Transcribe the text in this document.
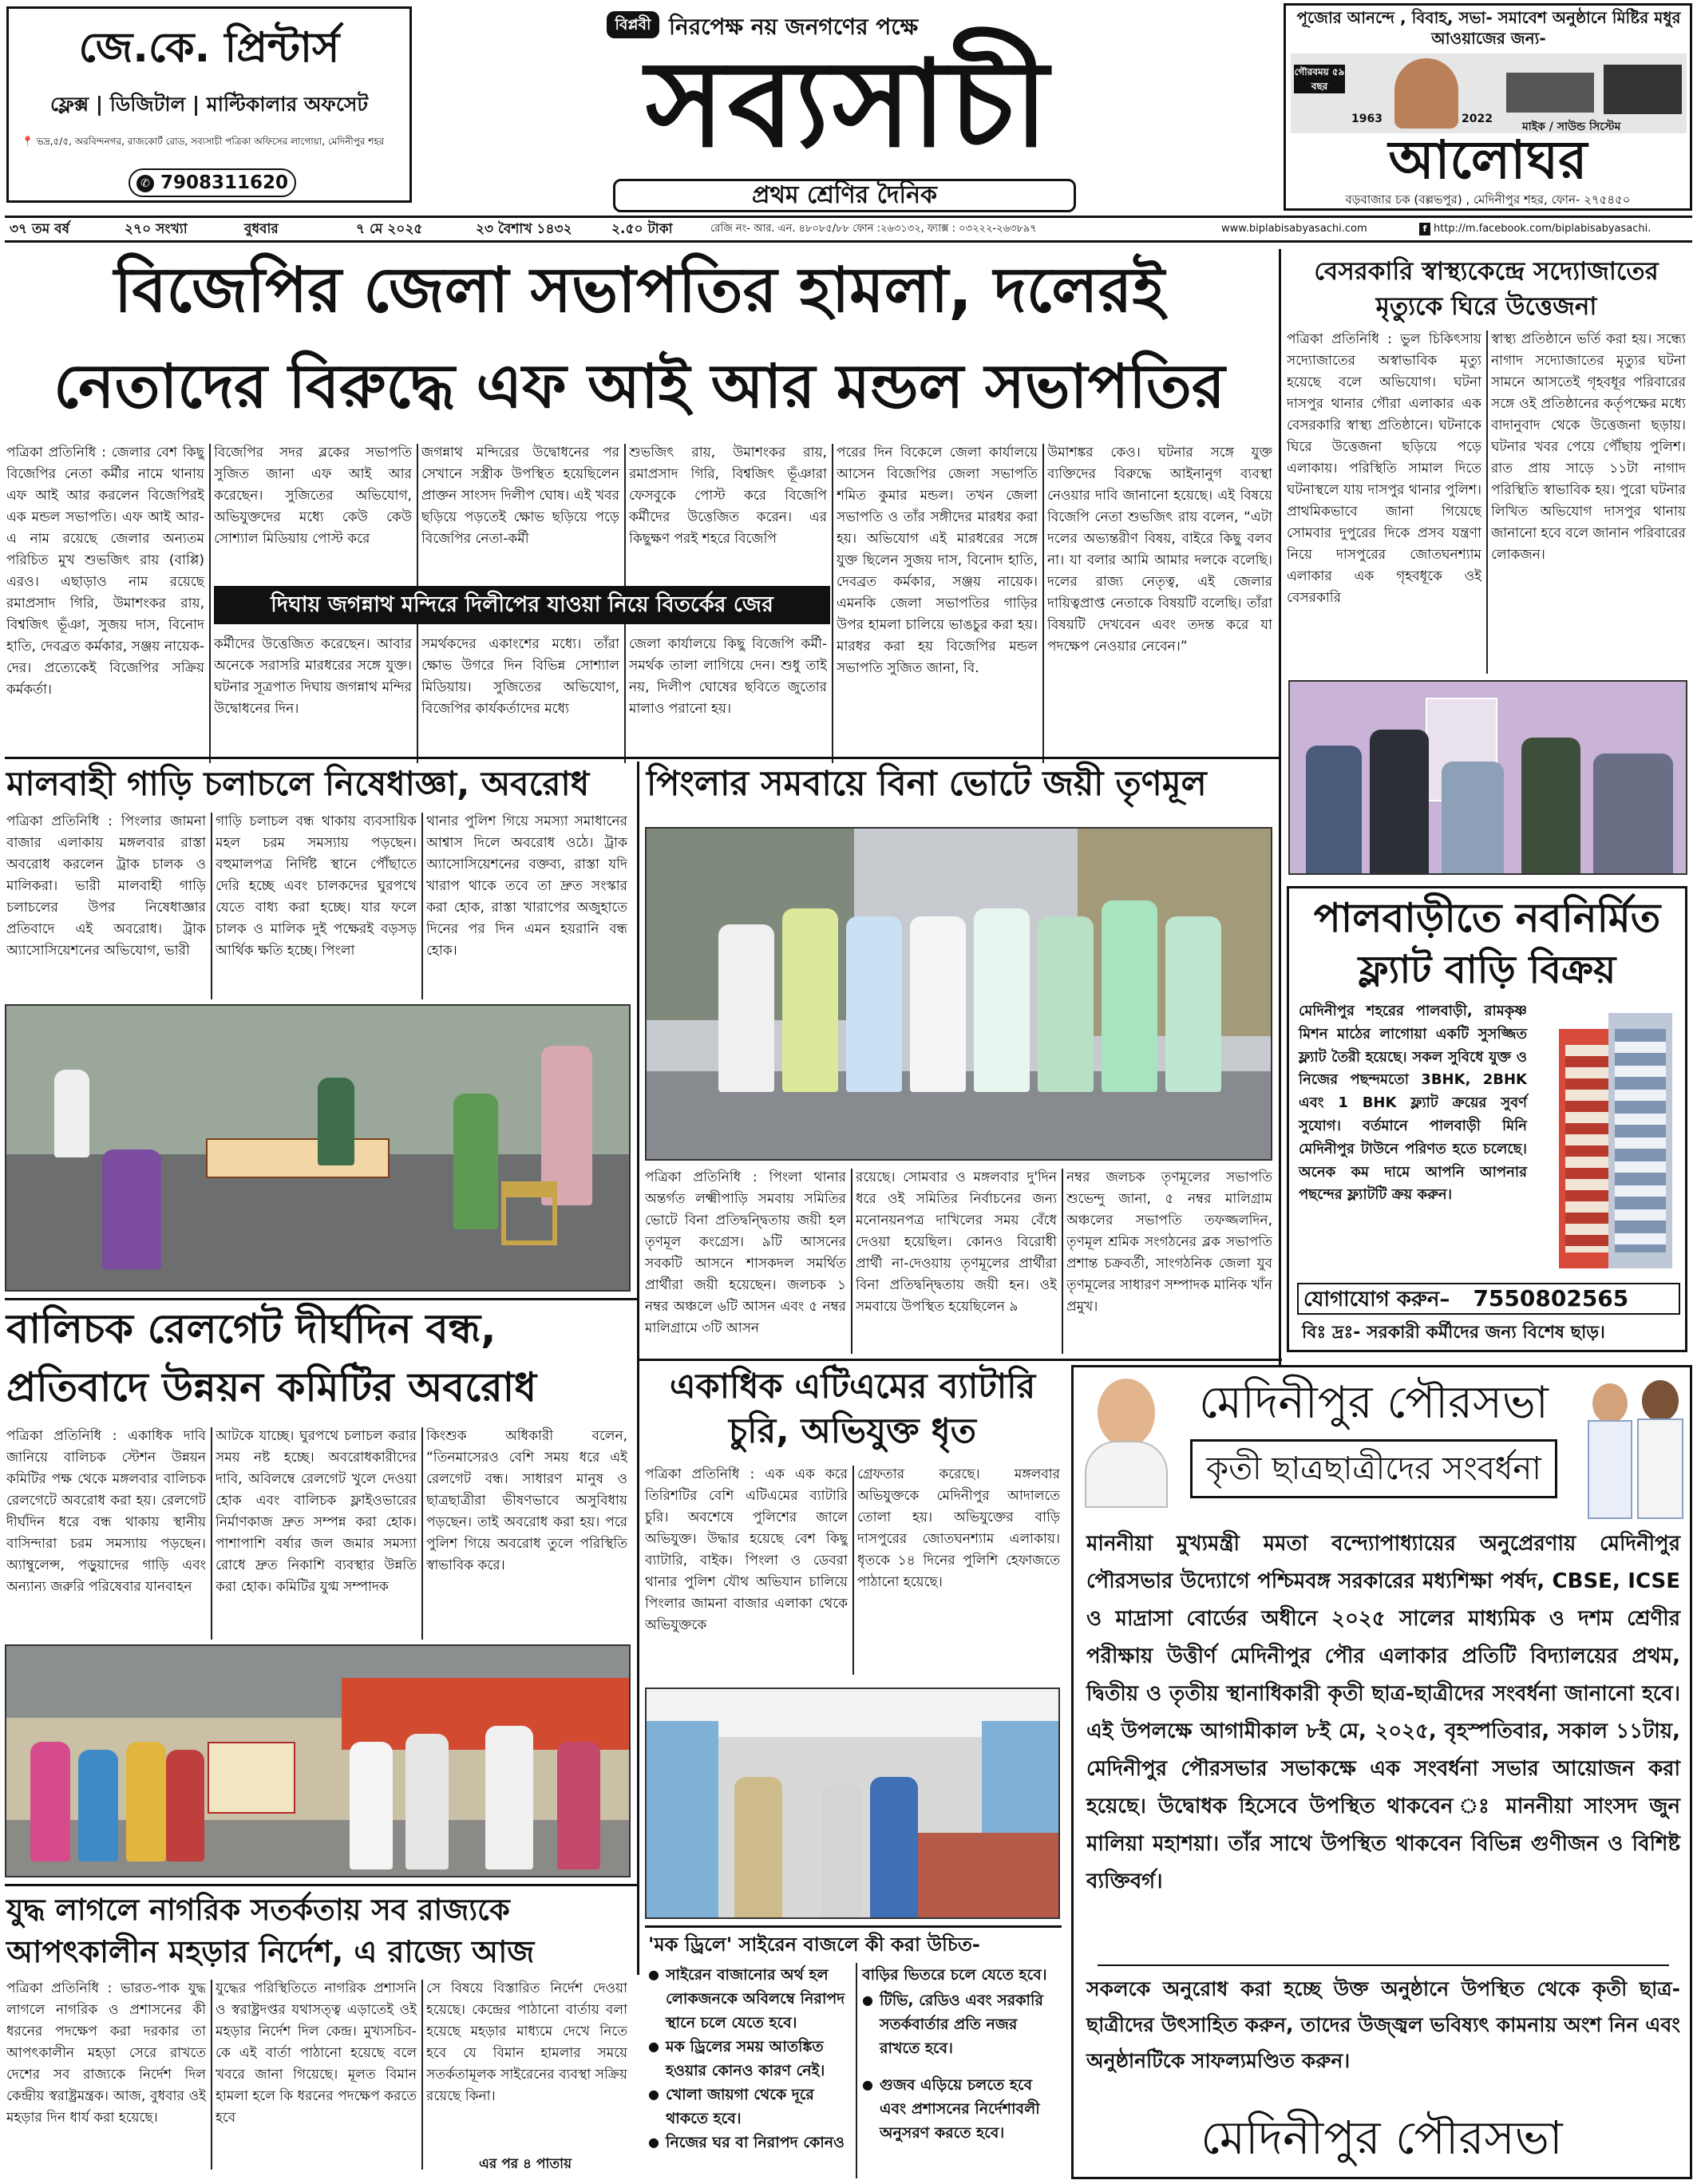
জে.কে. প্রিন্টার্স
ফ্লেক্স | ডিজিটাল | মাল্টিকালার অফসেট
📍 ভদ্র,৫/৫, অরবিন্দনগর, রাজকোর্ট রোড, সব্যসাচী পত্রিকা অফিসের লাগোয়া, মেদিনীপুর শহর
✆ 7908311620
বিপ্লবী নিরপেক্ষ নয় জনগণের পক্ষে
সব্যসাচী
প্রথম শ্রেণির দৈনিক
পূজোর আনন্দে , বিবাহ, সভা- সমাবেশ অনুষ্ঠানে মিষ্টির মধুর আওয়াজের জন্য-
গৌরবময় ৫৯ বছর
1963	2022
মাইক / সাউন্ড সিস্টেম
আলোঘর
বড়বাজার চক (বল্লভপুর) , মেদিনীপুর শহর, ফোন- ২৭৫৪৫০
৩৭ তম বর্ষ	২৭০ সংখ্যা	বুধবার	৭ মে ২০২৫	২৩ বৈশাখ ১৪৩২	২.৫০ টাকা	রেজি নং- আর. এন. ৪৮০৮৫/৮৮ ফোন :২৬৩১৩২, ফ্যাক্স : ০৩২২২-২৬৩৮৯৭	www.biplabisabyasachi.com	f http://m.facebook.com/biplabisabyasachi.
বিজেপির জেলা সভাপতির হামলা, দলেরই
নেতাদের বিরুদ্ধে এফ আই আর মন্ডল সভাপতির
পত্রিকা প্রতিনিধি : জেলার বেশ কিছু বিজেপির নেতা কর্মীর নামে থানায় এফ আই আর করলেন বিজেপিরই এক মন্ডল সভাপতি। এফ আই আর-এ নাম রয়েছে জেলার অন্যতম পরিচিত মুখ শুভজিৎ রায় (বাপ্পি) এরও। এছাড়াও নাম রয়েছে রমাপ্রসাদ গিরি, উমাশংকর রায়, বিশ্বজিৎ ভূঁঞা, সুজয় দাস, বিনোদ হাতি, দেবব্রত কর্মকার, সঞ্জয় নায়েক-দের। প্রত্যেকেই বিজেপির সক্রিয় কর্মকর্তা।
বিজেপির সদর ব্লকের সভাপতি সুজিত জানা এফ আই আর করেছেন। সুজিতের অভিযোগ, অভিযুক্তদের মধ্যে কেউ কেউ সোশ্যাল মিডিয়ায় পোস্ট করে
জগন্নাথ মন্দিরের উদ্বোধনের পর সেখানে সস্ত্রীক উপস্থিত হয়েছিলেন প্রাক্তন সাংসদ দিলীপ ঘোষ। এই খবর ছড়িয়ে পড়তেই ক্ষোভ ছড়িয়ে পড়ে বিজেপির নেতা-কর্মী
শুভজিৎ রায়, উমাশংকর রায়, রমাপ্রসাদ গিরি, বিশ্বজিৎ ভূঁঞারা ফেসবুকে পোস্ট করে বিজেপি কর্মীদের উত্তেজিত করেন। এর কিছুক্ষণ পরই শহরে বিজেপি
পরের দিন বিকেলে জেলা কার্যালয়ে আসেন বিজেপির জেলা সভাপতি শমিত কুমার মন্ডল। তখন জেলা সভাপতি ও তাঁর সঙ্গীদের মারধর করা হয়। অভিযোগ এই মারধরের সঙ্গে যুক্ত ছিলেন সুজয় দাস, বিনোদ হাতি, দেবব্রত কর্মকার, সঞ্জয় নায়েক। এমনকি জেলা সভাপতির গাড়ির উপর হামলা চালিয়ে ভাঙচুর করা হয়। মারধর করা হয় বিজেপির মন্ডল সভাপতি সুজিত জানা, বি.
উমাশঙ্কর কেও। ঘটনার সঙ্গে যুক্ত ব্যক্তিদের বিরুদ্ধে আইনানুগ ব্যবস্থা নেওয়ার দাবি জানানো হয়েছে। এই বিষয়ে বিজেপি নেতা শুভজিৎ রায় বলেন, “এটা দলের অভ্যন্তরীণ বিষয়, বাইরে কিছু বলব না। যা বলার আমি আমার দলকে বলেছি। দলের রাজ্য নেতৃত্ব, এই জেলার দায়িত্বপ্রাপ্ত নেতাকে বিষয়টি বলেছি। তাঁরা বিষয়টি দেখবেন এবং তদন্ত করে যা পদক্ষেপ নেওয়ার নেবেন।”
দিঘায় জগন্নাথ মন্দিরে দিলীপের যাওয়া নিয়ে বিতর্কের জের
কর্মীদের উত্তেজিত করেছেন। আবার অনেকে সরাসরি মারধরের সঙ্গে যুক্ত। ঘটনার সূত্রপাত দিঘায় জগন্নাথ মন্দির উদ্বোধনের দিন।
সমর্থকদের একাংশের মধ্যে। তাঁরা ক্ষোভ উগরে দিন বিভিন্ন সোশ্যাল মিডিয়ায়। সুজিতের অভিযোগ, বিজেপির কার্যকর্তাদের মধ্যে
জেলা কার্যালয়ে কিছু বিজেপি কর্মী-সমর্থক তালা লাগিয়ে দেন। শুধু তাই নয়, দিলীপ ঘোষের ছবিতে জুতোর মালাও পরানো হয়।
বেসরকারি স্বাস্থ্যকেন্দ্রে সদ্যোজাতের মৃত্যুকে ঘিরে উত্তেজনা
পত্রিকা প্রতিনিধি : ভুল চিকিৎসায় সদ্যোজাতের অস্বাভাবিক মৃত্যু হয়েছে বলে অভিযোগ। ঘটনা দাসপুর থানার গৌরা এলাকার এক বেসরকারি স্বাস্থ্য প্রতিষ্ঠানে। ঘটনাকে ঘিরে উত্তেজনা ছড়িয়ে পড়ে এলাকায়। পরিস্থিতি সামাল দিতে ঘটনাস্থলে যায় দাসপুর থানার পুলিশ। প্রাথমিকভাবে জানা গিয়েছে সোমবার দুপুরের দিকে প্রসব যন্ত্রণা নিয়ে দাসপুরের জোতঘনশ্যাম এলাকার এক গৃহবধূকে ওই বেসরকারি
স্বাস্থ্য প্রতিষ্ঠানে ভর্তি করা হয়। সন্ধ্যে নাগাদ সদ্যোজাতের মৃত্যুর ঘটনা সামনে আসতেই গৃহবধূর পরিবারের সঙ্গে ওই প্রতিষ্ঠানের কর্তৃপক্ষের মধ্যে বাদানুবাদ থেকে উত্তেজনা ছড়ায়। ঘটনার খবর পেয়ে পৌঁছায় পুলিশ। রাত প্রায় সাড়ে ১১টা নাগাদ পরিস্থিতি স্বাভাবিক হয়। পুরো ঘটনার লিখিত অভিযোগ দাসপুর থানায় জানানো হবে বলে জানান পরিবারের লোকজন।
পালবাড়ীতে নবনির্মিত
ফ্ল্যাট বাড়ি বিক্রয়
মেদিনীপুর শহরের পালবাড়ী, রামকৃষ্ণ মিশন মাঠের লাগোয়া একটি সুসজ্জিত ফ্ল্যাট তৈরী হয়েছে। সকল সুবিধে যুক্ত ও নিজের পছন্দমতো 3BHK, 2BHK এবং 1 BHK ফ্ল্যাট ক্রয়ের সুবর্ণ সুযোগ। বর্তমানে পালবাড়ী মিনি মেদিনীপুর টাউনে পরিণত হতে চলেছে। অনেক কম দামে আপনি আপনার পছন্দের ফ্ল্যাটটি ক্রয় করুন।
যোগাযোগ করুন– 7550802565
বিঃ দ্রঃ- সরকারী কর্মীদের জন্য বিশেষ ছাড়।
মালবাহী গাড়ি চলাচলে নিষেধাজ্ঞা, অবরোধ
পত্রিকা প্রতিনিধি : পিংলার জামনা বাজার এলাকায় মঙ্গলবার রাস্তা অবরোধ করলেন ট্রাক চালক ও মালিকরা। ভারী মালবাহী গাড়ি চলাচলের উপর নিষেধাজ্ঞার প্রতিবাদে এই অবরোধ। ট্রাক অ্যাসোসিয়েশনের অভিযোগ, ভারী
গাড়ি চলাচল বন্ধ থাকায় ব্যবসায়িক মহল চরম সমস্যায় পড়ছেন। বহুমালপত্র নির্দিষ্ট স্থানে পৌঁছাতে দেরি হচ্ছে এবং চালকদের ঘুরপথে যেতে বাধ্য করা হচ্ছে। যার ফলে চালক ও মালিক দুই পক্ষেরই বড়সড় আর্থিক ক্ষতি হচ্ছে। পিংলা
থানার পুলিশ গিয়ে সমস্যা সমাধানের আশ্বাস দিলে অবরোধ ওঠে। ট্রাক অ্যাসোসিয়েশনের বক্তব্য, রাস্তা যদি খারাপ থাকে তবে তা দ্রুত সংস্কার করা হোক, রাস্তা খারাপের অজুহাতে দিনের পর দিন এমন হয়রানি বন্ধ হোক।
পিংলার সমবায়ে বিনা ভোটে জয়ী তৃণমূল
পত্রিকা প্রতিনিধি : পিংলা থানার অন্তর্গত লক্ষ্মীপাড়ি সমবায় সমিতির ভোটে বিনা প্রতিদ্বন্দ্বিতায় জয়ী হল তৃণমূল কংগ্রেস। ৯টি আসনের সবকটি আসনে শাসকদল সমর্থিত প্রার্থীরা জয়ী হয়েছেন। জলচক ১ নম্বর অঞ্চলে ৬টি আসন এবং ৫ নম্বর মালিগ্রামে ৩টি আসন
রয়েছে। সোমবার ও মঙ্গলবার দু'দিন ধরে ওই সমিতির নির্বাচনের জন্য মনোনয়নপত্র দাখিলের সময় বেঁধে দেওয়া হয়েছিল। কোনও বিরোধী প্রার্থী না-দেওয়ায় তৃণমূলের প্রার্থীরা বিনা প্রতিদ্বন্দ্বিতায় জয়ী হন। ওই সমবায়ে উপস্থিত হয়েছিলেন ৯
নম্বর জলচক তৃণমূলের সভাপতি শুভেন্দু জানা, ৫ নম্বর মালিগ্রাম অঞ্চলের সভাপতি তফজ্জলদিন, তৃণমূল শ্রমিক সংগঠনের ব্লক সভাপতি প্রশান্ত চক্রবর্তী, সাংগঠনিক জেলা যুব তৃণমূলের সাধারণ সম্পাদক মানিক খাঁন প্রমুখ।
বালিচক রেলগেট দীর্ঘদিন বন্ধ,
প্রতিবাদে উন্নয়ন কমিটির অবরোধ
পত্রিকা প্রতিনিধি : একাধিক দাবি জানিয়ে বালিচক স্টেশন উন্নয়ন কমিটির পক্ষ থেকে মঙ্গলবার বালিচক রেলগেটে অবরোধ করা হয়। রেলগেট দীর্ঘদিন ধরে বন্ধ থাকায় স্থানীয় বাসিন্দারা চরম সমস্যায় পড়ছেন। অ্যাম্বুলেন্স, পড়ুয়াদের গাড়ি এবং অন্যান্য জরুরি পরিষেবার যানবাহন
আটকে যাচ্ছে। ঘুরপথে চলাচল করার সময় নষ্ট হচ্ছে। অবরোধকারীদের দাবি, অবিলম্বে রেলগেট খুলে দেওয়া হোক এবং বালিচক ফ্লাইওভারের নির্মাণকাজ দ্রুত সম্পন্ন করা হোক। পাশাপাশি বর্ষার জল জমার সমস্যা রোধে দ্রুত নিকাশি ব্যবস্থার উন্নতি করা হোক। কমিটির যুগ্ম সম্পাদক
কিংশুক অধিকারী বলেন, “তিনমাসেরও বেশি সময় ধরে এই রেলগেট বন্ধ। সাধারণ মানুষ ও ছাত্রছাত্রীরা ভীষণভাবে অসুবিধায় পড়ছেন। তাই অবরোধ করা হয়। পরে পুলিশ গিয়ে অবরোধ তুলে পরিস্থিতি স্বাভাবিক করে।
একাধিক এটিএমের ব্যাটারি
চুরি, অভিযুক্ত ধৃত
পত্রিকা প্রতিনিধি : এক এক করে তিরিশটির বেশি এটিএমের ব্যাটারি চুরি। অবশেষে পুলিশের জালে অভিযুক্ত। উদ্ধার হয়েছে বেশ কিছু ব্যাটারি, বাইক। পিংলা ও ডেবরা থানার পুলিশ যৌথ অভিযান চালিয়ে পিংলার জামনা বাজার এলাকা থেকে অভিযুক্তকে
গ্রেফতার করেছে। মঙ্গলবার অভিযুক্তকে মেদিনীপুর আদালতে তোলা হয়। অভিযুক্তের বাড়ি দাসপুরের জোতঘনশ্যাম এলাকায়। ধৃতকে ১৪ দিনের পুলিশি হেফাজতে পাঠানো হয়েছে।
যুদ্ধ লাগলে নাগরিক সতর্কতায় সব রাজ্যকে
আপৎকালীন মহড়ার নির্দেশ, এ রাজ্যে আজ
পত্রিকা প্রতিনিধি : ভারত-পাক যুদ্ধ লাগলে নাগরিক ও প্রশাসনের কী ধরনের পদক্ষেপ করা দরকার তা আপৎকালীন মহড়া সেরে রাখতে দেশের সব রাজ্যকে নির্দেশ দিল কেন্দ্রীয় স্বরাষ্ট্রমন্ত্রক। আজ, বুধবার ওই মহড়ার দিন ধার্য করা হয়েছে।
যুদ্ধের পরিস্থিতিতে নাগরিক প্রশাসনি ও স্বরাষ্ট্রদপ্তর যথাসত্ত্ব এড়াতেই ওই মহড়ার নির্দেশ দিল কেন্দ্র। মুখ্যসচিব-কে এই বার্তা পাঠানো হয়েছে বলে খবরে জানা গিয়েছে। মূলত বিমান হামলা হলে কি ধরনের পদক্ষেপ করতে হবে
সে বিষয়ে বিস্তারিত নির্দেশ দেওয়া হয়েছে। কেন্দ্রের পাঠানো বার্তায় বলা হয়েছে মহড়ার মাধ্যমে দেখে নিতে হবে যে বিমান হামলার সময়ে সতর্কতামূলক সাইরেনের ব্যবস্থা সক্রিয় রয়েছে কিনা।
এর পর ৪ পাতায়
'মক ড্রিলে' সাইরেন বাজলে কী করা উচিত-
● সাইরেন বাজানোর অর্থ হল লোকজনকে অবিলম্বে নিরাপদ স্থানে চলে যেতে হবে।
● মক ড্রিলের সময় আতঙ্কিত হওয়ার কোনও কারণ নেই।
● খোলা জায়গা থেকে দূরে থাকতে হবে।
● নিজের ঘর বা নিরাপদ কোনও
বাড়ির ভিতরে চলে যেতে হবে।
● টিভি, রেডিও এবং সরকারি সতর্কবার্তার প্রতি নজর রাখতে হবে।
● গুজব এড়িয়ে চলতে হবে এবং প্রশাসনের নির্দেশাবলী অনুসরণ করতে হবে।
মেদিনীপুর পৌরসভা
কৃতী ছাত্রছাত্রীদের সংবর্ধনা
মাননীয়া মুখ্যমন্ত্রী মমতা বন্দ্যোপাধ্যায়ের অনুপ্রেরণায় মেদিনীপুর পৌরসভার উদ্যোগে পশ্চিমবঙ্গ সরকারের মধ্যশিক্ষা পর্ষদ, CBSE, ICSE ও মাদ্রাসা বোর্ডের অধীনে ২০২৫ সালের মাধ্যমিক ও দশম শ্রেণীর পরীক্ষায় উত্তীর্ণ মেদিনীপুর পৌর এলাকার প্রতিটি বিদ্যালয়ের প্রথম, দ্বিতীয় ও তৃতীয় স্থানাধিকারী কৃতী ছাত্র-ছাত্রীদের সংবর্ধনা জানানো হবে। এই উপলক্ষে আগামীকাল ৮ই মে, ২০২৫, বৃহস্পতিবার, সকাল ১১টায়, মেদিনীপুর পৌরসভার সভাকক্ষে এক সংবর্ধনা সভার আয়োজন করা হয়েছে। উদ্বোধক হিসেবে উপস্থিত থাকবেন ঃ মাননীয়া সাংসদ জুন মালিয়া মহাশয়া। তাঁর সাথে উপস্থিত থাকবেন বিভিন্ন গুণীজন ও বিশিষ্ট ব্যক্তিবর্গ।
সকলকে অনুরোধ করা হচ্ছে উক্ত অনুষ্ঠানে উপস্থিত থেকে কৃতী ছাত্র-ছাত্রীদের উৎসাহিত করুন, তাদের উজ্জ্বল ভবিষ্যৎ কামনায় অংশ নিন এবং অনুষ্ঠানটিকে সাফল্যমণ্ডিত করুন।
মেদিনীপুর পৌরসভা
